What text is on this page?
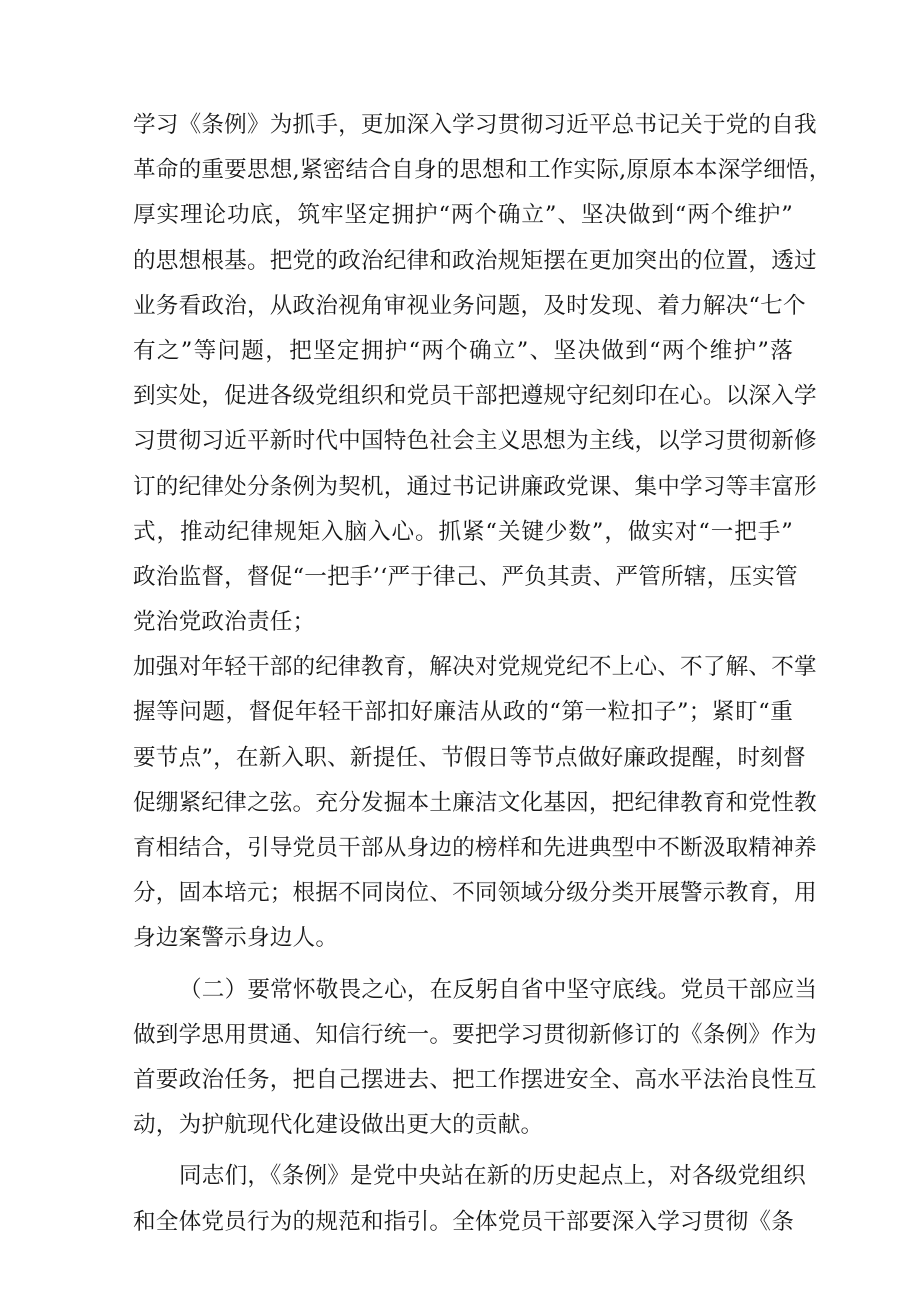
学习《条例》为抓手，更加深入学习贯彻习近平总书记关于党的自我
革命的重要思想,紧密结合自身的思想和工作实际,原原本本深学细悟，
厚实理论功底，筑牢坚定拥护“两个确立”、坚决做到“两个维护”
的思想根基。把党的政治纪律和政治规矩摆在更加突出的位置，透过
业务看政治，从政治视角审视业务问题，及时发现、着力解决“七个
有之”等问题，把坚定拥护“两个确立”、坚决做到“两个维护”落
到实处，促进各级党组织和党员干部把遵规守纪刻印在心。以深入学
习贯彻习近平新时代中国特色社会主义思想为主线，以学习贯彻新修
订的纪律处分条例为契机，通过书记讲廉政党课、集中学习等丰富形
式，推动纪律规矩入脑入心。抓紧“关键少数”，做实对“一把手”
政治监督，督促“一把手’‘严于律己、严负其责、严管所辖，压实管
党治党政治责任；
加强对年轻干部的纪律教育，解决对党规党纪不上心、不了解、不掌
握等问题，督促年轻干部扣好廉洁从政的“第一粒扣子”；紧盯“重
要节点”，在新入职、新提任、节假日等节点做好廉政提醒，时刻督
促绷紧纪律之弦。充分发掘本土廉洁文化基因，把纪律教育和党性教
育相结合，引导党员干部从身边的榜样和先进典型中不断汲取精神养
分，固本培元；根据不同岗位、不同领域分级分类开展警示教育，用
身边案警示身边人。
（二）要常怀敬畏之心，在反躬自省中坚守底线。党员干部应当
做到学思用贯通、知信行统一。要把学习贯彻新修订的《条例》作为
首要政治任务，把自己摆进去、把工作摆进安全、高水平法治良性互
动，为护航现代化建设做出更大的贡献。
同志们，《条例》是党中央站在新的历史起点上，对各级党组织
和全体党员行为的规范和指引。全体党员干部要深入学习贯彻《条
